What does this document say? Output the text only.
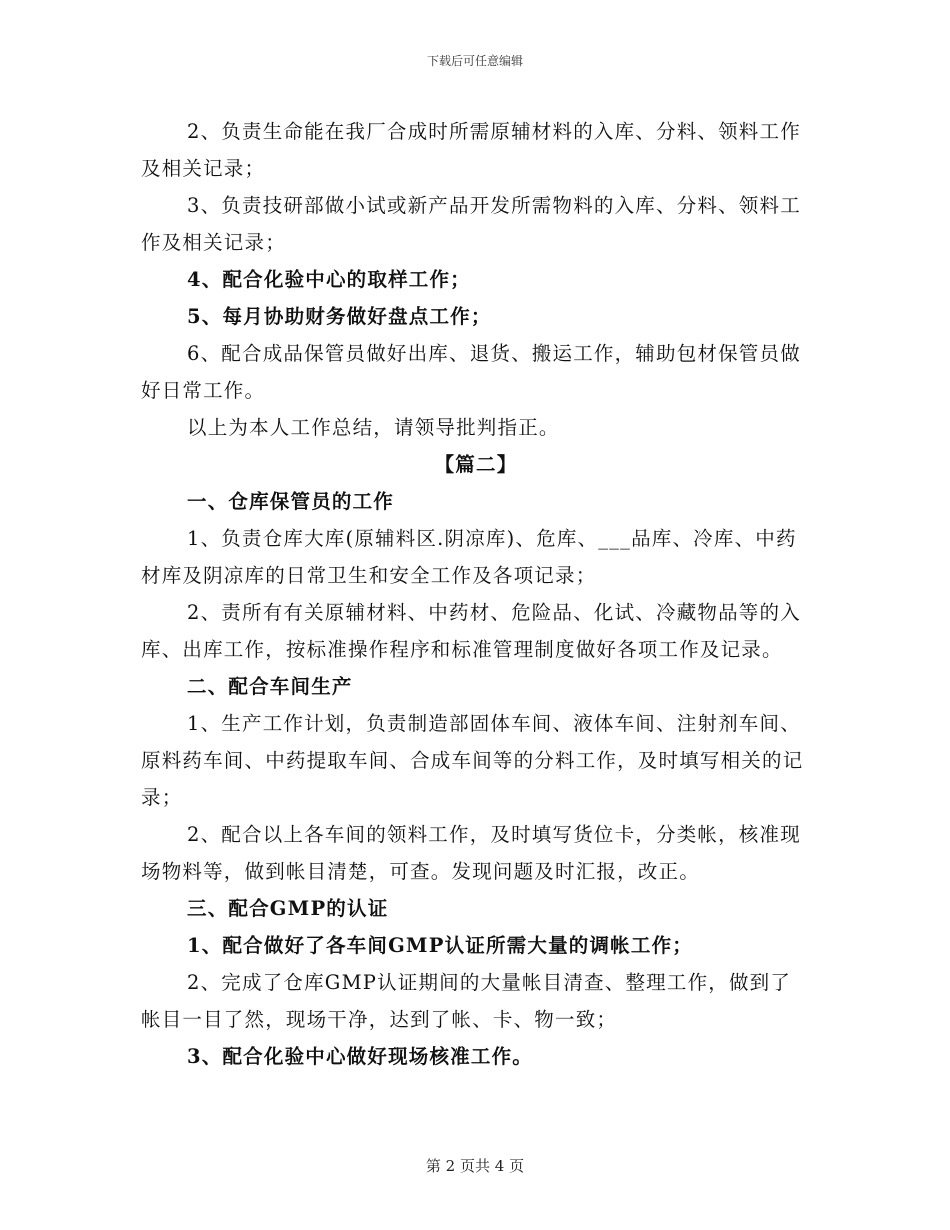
下载后可任意编辑

2、负责生命能在我厂合成时所需原辅材料的入库、分料、领料工作及相关记录；

3、负责技研部做小试或新产品开发所需物料的入库、分料、领料工作及相关记录；

4、配合化验中心的取样工作；

5、每月协助财务做好盘点工作；

6、配合成品保管员做好出库、退货、搬运工作，辅助包材保管员做好日常工作。

以上为本人工作总结，请领导批判指正。

【篇二】

一、仓库保管员的工作

1、负责仓库大库(原辅料区.阴凉库)、危库、___品库、冷库、中药材库及阴凉库的日常卫生和安全工作及各项记录；

2、责所有有关原辅材料、中药材、危险品、化试、冷藏物品等的入库、出库工作，按标准操作程序和标准管理制度做好各项工作及记录。

二、配合车间生产

1、生产工作计划，负责制造部固体车间、液体车间、注射剂车间、原料药车间、中药提取车间、合成车间等的分料工作，及时填写相关的记录；

2、配合以上各车间的领料工作，及时填写货位卡，分类帐，核准现场物料等，做到帐目清楚，可查。发现问题及时汇报，改正。

三、配合GMP的认证

1、配合做好了各车间GMP认证所需大量的调帐工作；

2、完成了仓库GMP认证期间的大量帐目清查、整理工作，做到了帐目一目了然，现场干净，达到了帐、卡、物一致；

3、配合化验中心做好现场核准工作。

第 2 页共 4 页
